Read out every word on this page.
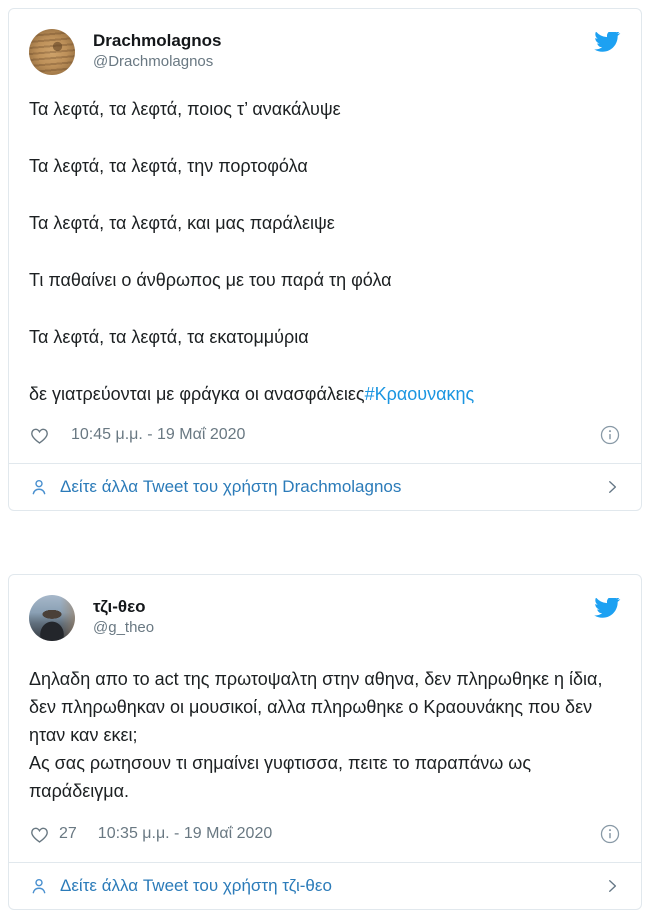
Drachmolagnos
@Drachmolagnos

Τα λεφτά, τα λεφτά, ποιος τ’ ανακάλυψε

Τα λεφτά, τα λεφτά, την πορτοφόλα

Τα λεφτά, τα λεφτά, και μας παράλειψε

Τι παθαίνει ο άνθρωπος με του παρά τη φόλα

Τα λεφτά, τα λεφτά, τα εκατομμύρια

δε γιατρεύονται με φράγκα οι ανασφάλειες#Κραουνακης

10:45 μ.μ. - 19 Μαΐ 2020
Δείτε άλλα Tweet του χρήστη Drachmolagnos
τζι-θεο
@g_theo

Δηλαδη απο το act της πρωτοψαλτη στην αθηνα, δεν πληρωθηκε η ίδια, δεν πληρωθηκαν οι μουσικοί, αλλα πληρωθηκε ο Κραουνάκης που δεν ηταν καν εκει;

Ας σας ρωτησουν τι σημαίνει γυφτισσα, πειτε το παραπάνω ως παράδειγμα.

27 10:35 μ.μ. - 19 Μαΐ 2020
Δείτε άλλα Tweet του χρήστη τζι-θεο
